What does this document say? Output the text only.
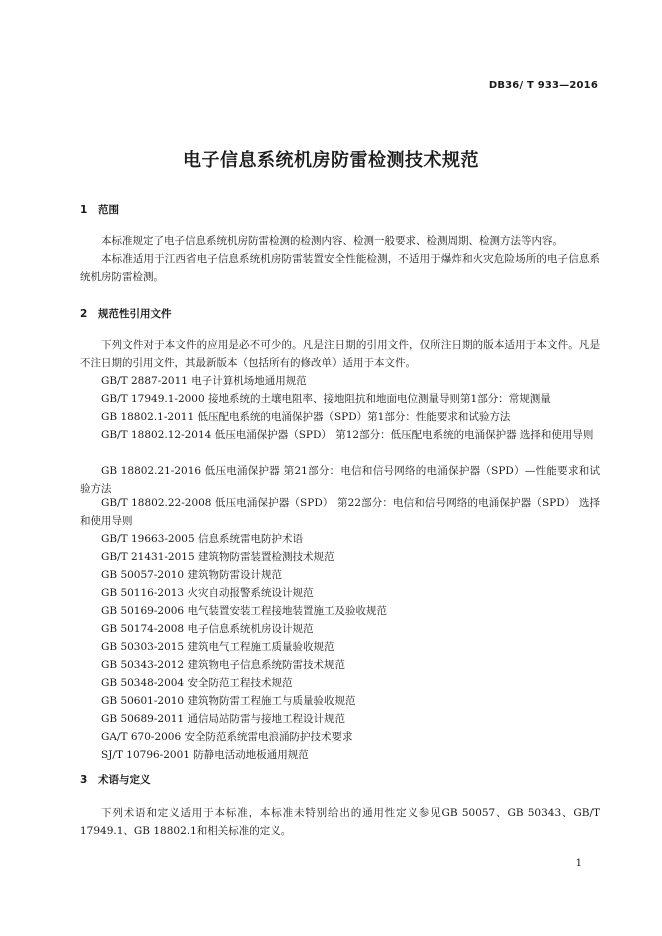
DB36/ T 933—2016
电子信息系统机房防雷检测技术规范
1 范围
本标准规定了电子信息系统机房防雷检测的检测内容、检测一般要求、检测周期、检测方法等内容。
本标准适用于江西省电子信息系统机房防雷装置安全性能检测，不适用于爆炸和火灾危险场所的电子信息系统机房防雷检测。
2 规范性引用文件
下列文件对于本文件的应用是必不可少的。凡是注日期的引用文件，仅所注日期的版本适用于本文件。凡是不注日期的引用文件，其最新版本（包括所有的修改单）适用于本文件。
GB/T 2887-2011 电子计算机场地通用规范
GB/T 17949.1-2000 接地系统的土壤电阻率、接地阻抗和地面电位测量导则第1部分：常规测量
GB 18802.1-2011 低压配电系统的电涌保护器（SPD）第1部分：性能要求和试验方法
GB/T 18802.12-2014 低压电涌保护器（SPD） 第12部分：低压配电系统的电涌保护器 选择和使用导则
GB 18802.21-2016 低压电涌保护器 第21部分：电信和信号网络的电涌保护器（SPD）—性能要求和试验方法
GB/T 18802.22-2008 低压电涌保护器（SPD） 第22部分：电信和信号网络的电涌保护器（SPD） 选择和使用导则
GB/T 19663-2005 信息系统雷电防护术语
GB/T 21431-2015 建筑物防雷装置检测技术规范
GB 50057-2010 建筑物防雷设计规范
GB 50116-2013 火灾自动报警系统设计规范
GB 50169-2006 电气装置安装工程接地装置施工及验收规范
GB 50174-2008 电子信息系统机房设计规范
GB 50303-2015 建筑电气工程施工质量验收规范
GB 50343-2012 建筑物电子信息系统防雷技术规范
GB 50348-2004 安全防范工程技术规范
GB 50601-2010 建筑物防雷工程施工与质量验收规范
GB 50689-2011 通信局站防雷与接地工程设计规范
GA/T 670-2006 安全防范系统雷电浪涌防护技术要求
SJ/T 10796-2001 防静电活动地板通用规范
3 术语与定义
下列术语和定义适用于本标准，本标准未特别给出的通用性定义参见GB 50057、GB 50343、GB/T 17949.1、GB 18802.1和相关标准的定义。
1
